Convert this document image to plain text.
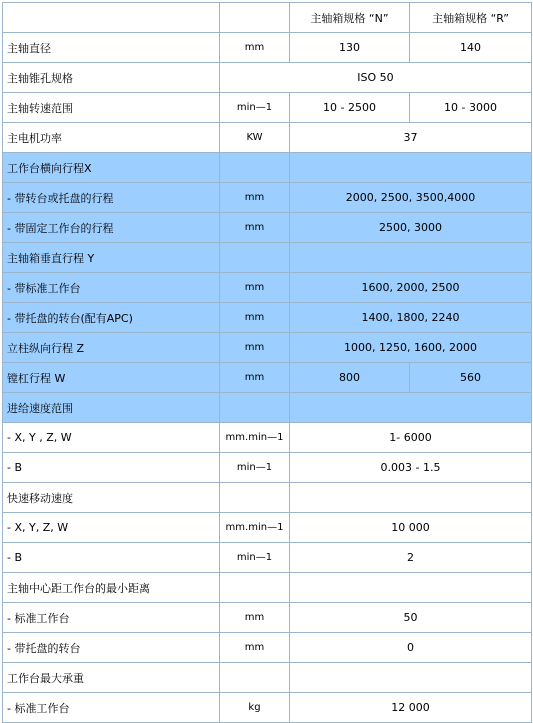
		主轴箱规格 “N”	主轴箱规格 “R”
主轴直径	mm	130	140
主轴锥孔规格	ISO 50		
主轴转速范围	min—1	10 - 2500	10 - 3000
主电机功率	KW	37	
工作台横向行程X			
- 带转台或托盘的行程	mm	2000, 2500, 3500,4000	
- 带固定工作台的行程	mm	2500, 3000	
主轴箱垂直行程 Y			
- 带标准工作台	mm	1600, 2000, 2500	
- 带托盘的转台(配有APC)	mm	1400, 1800, 2240	
立柱纵向行程 Z	mm	1000, 1250, 1600, 2000	
镗杠行程 W	mm	800	560
进给速度范围			
- X, Y , Z, W	mm.min—1	1- 6000	
- B	min—1	0.003 - 1.5	
快速移动速度			
- X, Y, Z, W	mm.min—1	10 000	
- B	min—1	2	
主轴中心距工作台的最小距离			
- 标准工作台	mm	50	
- 带托盘的转台	mm	0	
工作台最大承重			
- 标准工作台	kg	12 000	
